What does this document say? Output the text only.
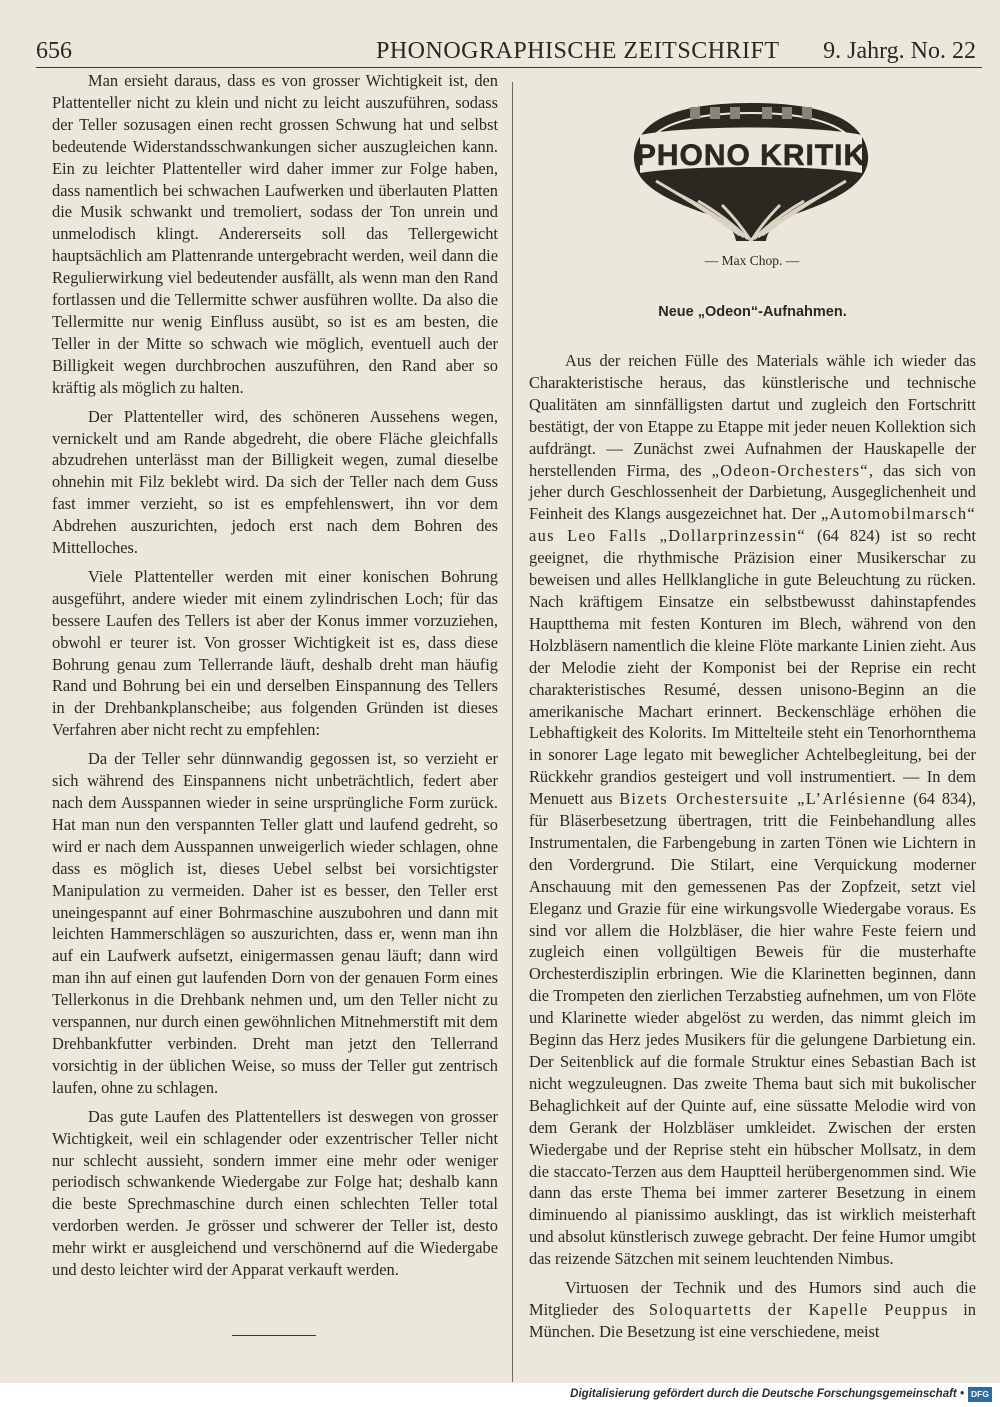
656	PHONOGRAPHISCHE ZEITSCHRIFT 9. Jahrg. No. 22

Man ersieht daraus, dass es von grosser Wichtigkeit ist, den Plattenteller nicht zu klein und nicht zu leicht auszuführen, sodass der Teller sozusagen einen recht grossen Schwung hat und selbst bedeutende Widerstandsschwankungen sicher auszugleichen kann. Ein zu leichter Plattenteller wird daher immer zur Folge haben, dass namentlich bei schwachen Laufwerken und überlauten Platten die Musik schwankt und tremoliert, sodass der Ton unrein und unmelodisch klingt. Andererseits soll das Tellergewicht hauptsächlich am Plattenrande untergebracht werden, weil dann die Regulierwirkung viel bedeutender ausfällt, als wenn man den Rand fortlassen und die Tellermitte schwer ausführen wollte. Da also die Tellermitte nur wenig Einfluss ausübt, so ist es am besten, die Teller in der Mitte so schwach wie möglich, eventuell auch der Billigkeit wegen durchbrochen auszuführen, den Rand aber so kräftig als möglich zu halten.

Der Plattenteller wird, des schöneren Aussehens wegen, vernickelt und am Rande abgedreht, die obere Fläche gleichfalls abzudrehen unterlässt man der Billigkeit wegen, zumal dieselbe ohnehin mit Filz beklebt wird. Da sich der Teller nach dem Guss fast immer verzieht, so ist es empfehlenswert, ihn vor dem Abdrehen auszurichten, jedoch erst nach dem Bohren des Mittelloches.

Viele Plattenteller werden mit einer konischen Bohrung ausgeführt, andere wieder mit einem zylindrischen Loch; für das bessere Laufen des Tellers ist aber der Konus immer vorzuziehen, obwohl er teurer ist. Von grosser Wichtigkeit ist es, dass diese Bohrung genau zum Tellerrande läuft, deshalb dreht man häufig Rand und Bohrung bei ein und derselben Einspannung des Tellers in der Drehbankplanscheibe; aus folgenden Gründen ist dieses Verfahren aber nicht recht zu empfehlen:

Da der Teller sehr dünnwandig gegossen ist, so verzieht er sich während des Einspannens nicht unbeträchtlich, federt aber nach dem Ausspannen wieder in seine ursprüngliche Form zurück. Hat man nun den verspannten Teller glatt und laufend gedreht, so wird er nach dem Ausspannen unweigerlich wieder schlagen, ohne dass es möglich ist, dieses Uebel selbst bei vorsichtigster Manipulation zu vermeiden. Daher ist es besser, den Teller erst uneingespannt auf einer Bohrmaschine auszubohren und dann mit leichten Hammerschlägen so auszurichten, dass er, wenn man ihn auf ein Laufwerk aufsetzt, einigermassen genau läuft; dann wird man ihn auf einen gut laufenden Dorn von der genauen Form eines Tellerkonus in die Drehbank nehmen und, um den Teller nicht zu verspannen, nur durch einen gewöhnlichen Mitnehmerstift mit dem Drehbankfutter verbinden. Dreht man jetzt den Tellerrand vorsichtig in der üblichen Weise, so muss der Teller gut zentrisch laufen, ohne zu schlagen.

Das gute Laufen des Plattentellers ist deswegen von grosser Wichtigkeit, weil ein schlagender oder exzentrischer Teller nicht nur schlecht aussieht, sondern immer eine mehr oder weniger periodisch schwankende Wiedergabe zur Folge hat; deshalb kann die beste Sprechmaschine durch einen schlechten Teller total verdorben werden. Je grösser und schwerer der Teller ist, desto mehr wirkt er ausgleichend und verschönernd auf die Wiedergabe und desto leichter wird der Apparat verkauft werden.

PHONO KRITIK
— Max Chop. —
Neue „Odeon“-Aufnahmen.

Aus der reichen Fülle des Materials wähle ich wieder das Charakteristische heraus, das künstlerische und technische Qualitäten am sinnfälligsten dartut und zugleich den Fortschritt bestätigt, der von Etappe zu Etappe mit jeder neuen Kollektion sich aufdrängt. — Zunächst zwei Aufnahmen der Hauskapelle der herstellenden Firma, des „Odeon-Orchesters“, das sich von jeher durch Geschlossenheit der Darbietung, Ausgeglichenheit und Feinheit des Klangs ausgezeichnet hat. Der „Automobilmarsch“ aus Leo Falls „Dollarprinzessin“ (64 824) ist so recht geeignet, die rhythmische Präzision einer Musikerschar zu beweisen und alles Hellklangliche in gute Beleuchtung zu rücken. Nach kräftigem Einsatze ein selbstbewusst dahinstapfendes Hauptthema mit festen Konturen im Blech, während von den Holzbläsern namentlich die kleine Flöte markante Linien zieht. Aus der Melodie zieht der Komponist bei der Reprise ein recht charakteristisches Resumé, dessen unisono-Beginn an die amerikanische Machart erinnert. Beckenschläge erhöhen die Lebhaftigkeit des Kolorits. Im Mittelteile steht ein Tenorhornthema in sonorer Lage legato mit beweglicher Achtelbegleitung, bei der Rückkehr grandios gesteigert und voll instrumentiert. — In dem Menuett aus Bizets Orchestersuite „L’Arlésienne (64 834), für Bläserbesetzung übertragen, tritt die Feinbehandlung alles Instrumentalen, die Farbengebung in zarten Tönen wie Lichtern in den Vordergrund. Die Stilart, eine Verquickung moderner Anschauung mit den gemessenen Pas der Zopfzeit, setzt viel Eleganz und Grazie für eine wirkungsvolle Wiedergabe voraus. Es sind vor allem die Holzbläser, die hier wahre Feste feiern und zugleich einen vollgültigen Beweis für die musterhafte Orchesterdisziplin erbringen. Wie die Klarinetten beginnen, dann die Trompeten den zierlichen Terzabstieg aufnehmen, um von Flöte und Klarinette wieder abgelöst zu werden, das nimmt gleich im Beginn das Herz jedes Musikers für die gelungene Darbietung ein. Der Seitenblick auf die formale Struktur eines Sebastian Bach ist nicht wegzuleugnen. Das zweite Thema baut sich mit bukolischer Behaglichkeit auf der Quinte auf, eine süssatte Melodie wird von dem Gerank der Holzbläser umkleidet. Zwischen der ersten Wiedergabe und der Reprise steht ein hübscher Mollsatz, in dem die staccato-Terzen aus dem Hauptteil herübergenommen sind. Wie dann das erste Thema bei immer zarterer Besetzung in einem diminuendo al pianissimo ausklingt, das ist wirklich meisterhaft und absolut künstlerisch zuwege gebracht. Der feine Humor umgibt das reizende Sätzchen mit seinem leuchtenden Nimbus.

Virtuosen der Technik und des Humors sind auch die Mitglieder des Soloquartetts der Kapelle Peuppus in München. Die Besetzung ist eine verschiedene, meist

Digitalisierung gefördert durch die Deutsche Forschungsgemeinschaft • DFG
